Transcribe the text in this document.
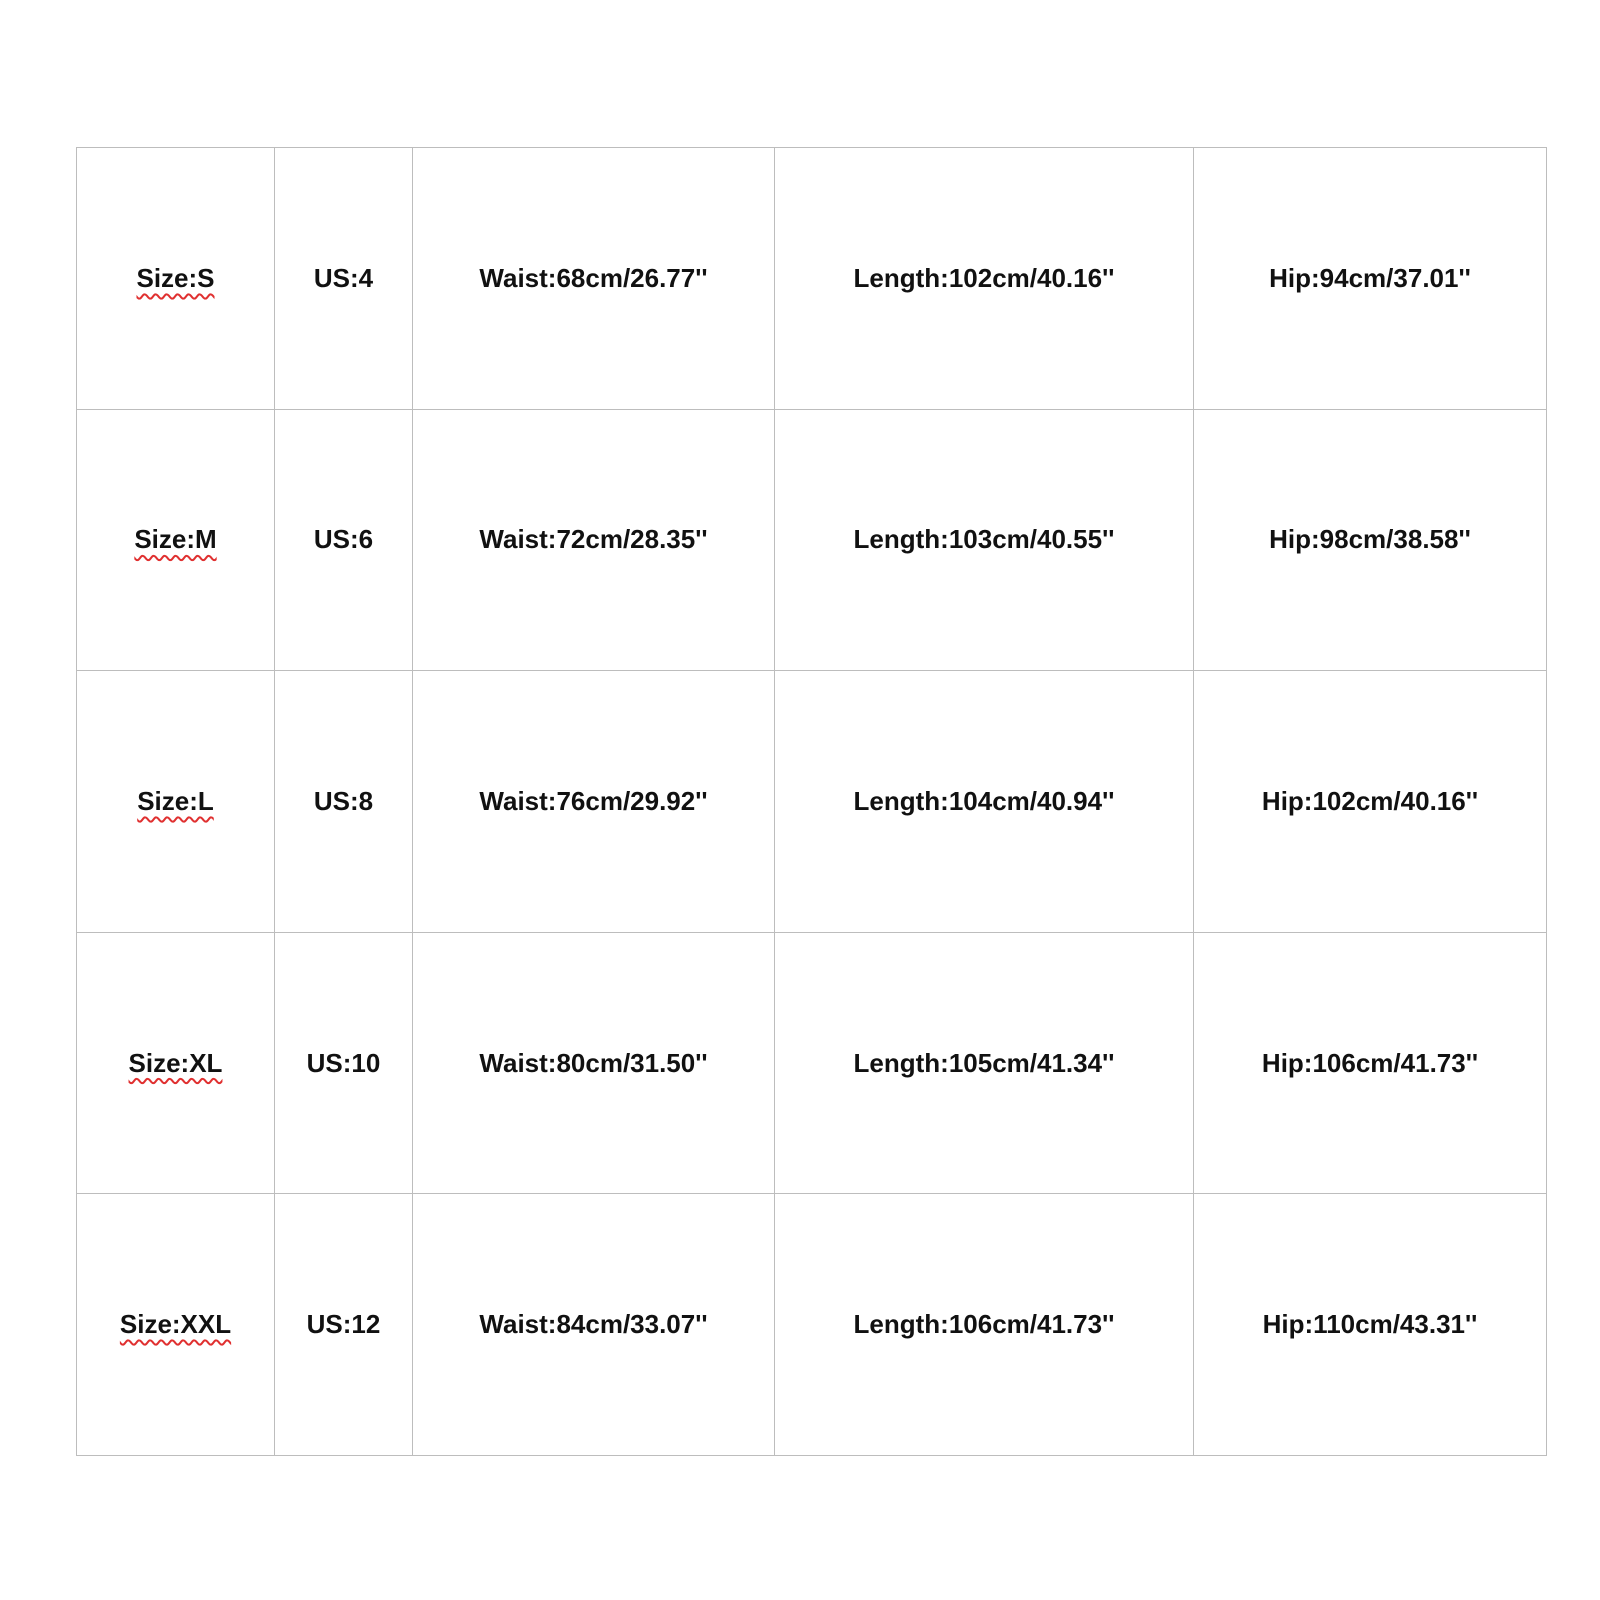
Size:S	US:4	Waist:68cm/26.77''	Length:102cm/40.16''	Hip:94cm/37.01''
Size:M	US:6	Waist:72cm/28.35''	Length:103cm/40.55''	Hip:98cm/38.58''
Size:L	US:8	Waist:76cm/29.92''	Length:104cm/40.94''	Hip:102cm/40.16''
Size:XL	US:10	Waist:80cm/31.50''	Length:105cm/41.34''	Hip:106cm/41.73''
Size:XXL	US:12	Waist:84cm/33.07''	Length:106cm/41.73''	Hip:110cm/43.31''
